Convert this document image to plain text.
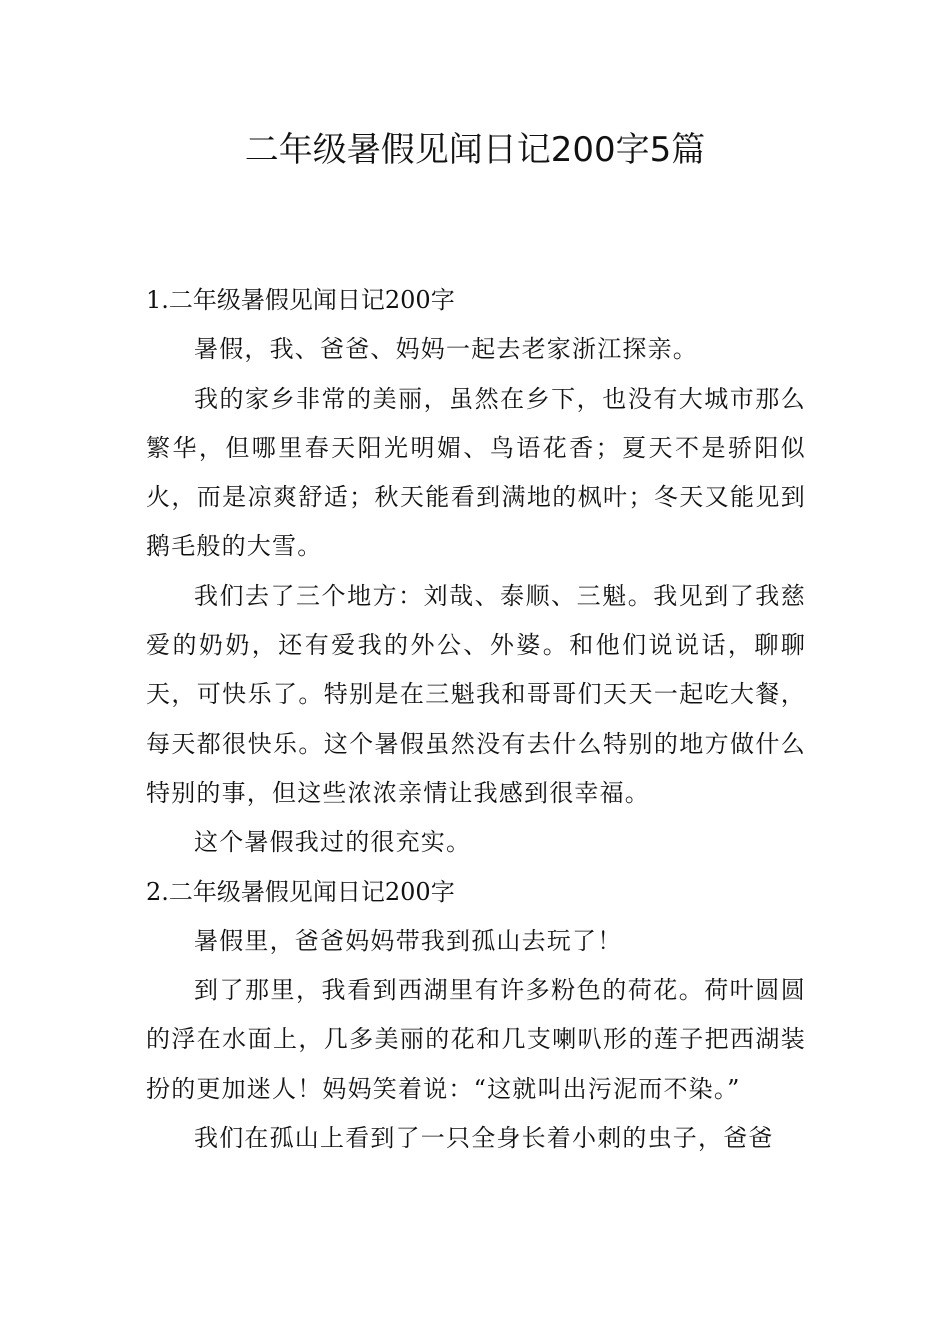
二年级暑假见闻日记200字5篇
1.二年级暑假见闻日记200字

暑假，我、爸爸、妈妈一起去老家浙江探亲。

我的家乡非常的美丽，虽然在乡下，也没有大城市那么繁华，但哪里春天阳光明媚、鸟语花香；夏天不是骄阳似火，而是凉爽舒适；秋天能看到满地的枫叶；冬天又能见到鹅毛般的大雪。

我们去了三个地方：刘哉、泰顺、三魁。我见到了我慈爱的奶奶，还有爱我的外公、外婆。和他们说说话，聊聊天，可快乐了。特别是在三魁我和哥哥们天天一起吃大餐，每天都很快乐。这个暑假虽然没有去什么特别的地方做什么特别的事，但这些浓浓亲情让我感到很幸福。

这个暑假我过的很充实。

2.二年级暑假见闻日记200字

暑假里，爸爸妈妈带我到孤山去玩了！

到了那里，我看到西湖里有许多粉色的荷花。荷叶圆圆的浮在水面上，几多美丽的花和几支喇叭形的莲子把西湖装扮的更加迷人！妈妈笑着说：“这就叫出污泥而不染。”

我们在孤山上看到了一只全身长着小刺的虫子，爸爸
